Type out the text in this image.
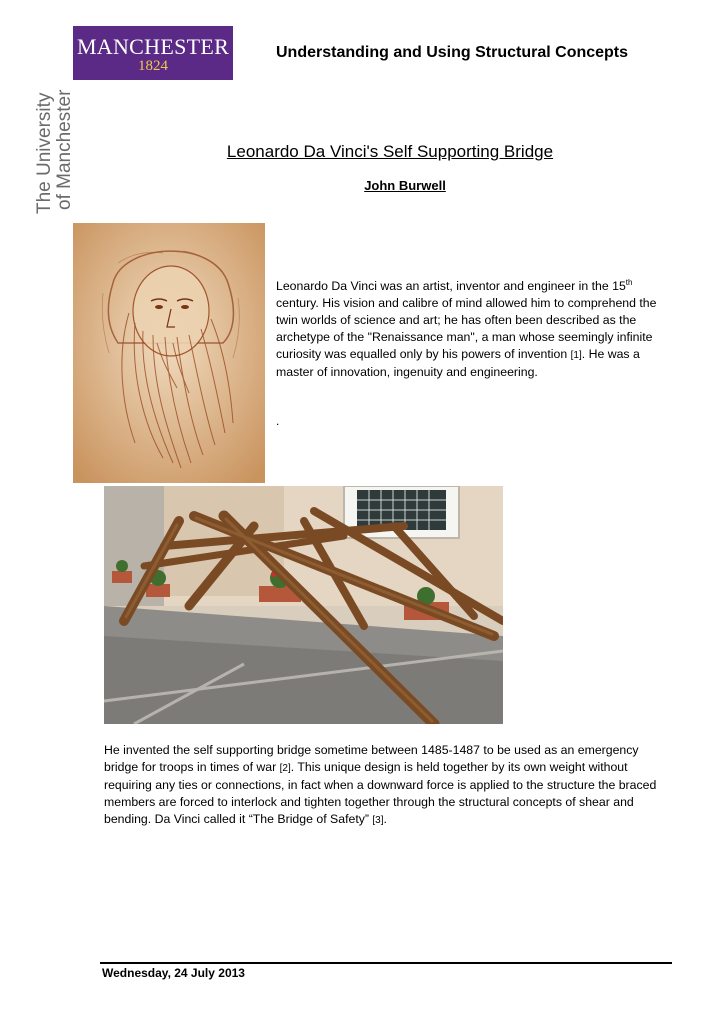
MANCHESTER
1824
The University of Manchester
Understanding and Using Structural Concepts
Leonardo Da Vinci's Self Supporting Bridge
John Burwell
Leonardo Da Vinci was an artist, inventor and engineer in the 15th century. His vision and calibre of mind allowed him to comprehend the twin worlds of science and art; he has often been described as the archetype of the "Renaissance man", a man whose seemingly infinite curiosity was equalled only by his powers of invention [1]. He was a master of innovation, ingenuity and engineering.
.
He invented the self supporting bridge sometime between 1485-1487 to be used as an emergency bridge for troops in times of war [2]. This unique design is held together by its own weight without requiring any ties or connections, in fact when a downward force is applied to the structure the braced members are forced to interlock and tighten together through the structural concepts of shear and bending. Da Vinci called it “The Bridge of Safety” [3].
Wednesday, 24 July 2013
